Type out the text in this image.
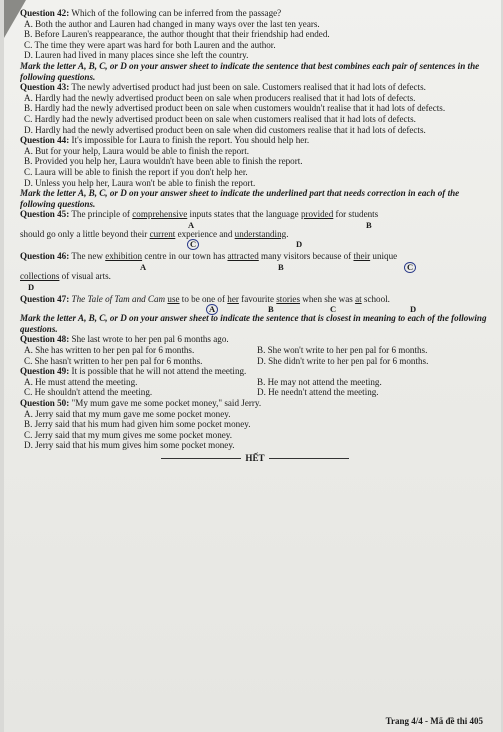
Question 42: Which of the following can be inferred from the passage?
A. Both the author and Lauren had changed in many ways over the last ten years.
B. Before Lauren's reappearance, the author thought that their friendship had ended.
C. The time they were apart was hard for both Lauren and the author.
D. Lauren had lived in many places since she left the country.
Mark the letter A, B, C, or D on your answer sheet to indicate the sentence that best combines each pair of sentences in the following questions.
Question 43: The newly advertised product had just been on sale. Customers realised that it had lots of defects.
A. Hardly had the newly advertised product been on sale when producers realised that it had lots of defects.
B. Hardly had the newly advertised product been on sale when customers wouldn't realise that it had lots of defects.
C. Hardly had the newly advertised product been on sale when customers realised that it had lots of defects.
D. Hardly had the newly advertised product been on sale when did customers realise that it had lots of defects.
Question 44: It's impossible for Laura to finish the report. You should help her.
A. But for your help, Laura would be able to finish the report.
B. Provided you help her, Laura wouldn't have been able to finish the report.
C. Laura will be able to finish the report if you don't help her.
D. Unless you help her, Laura won't be able to finish the report.
Mark the letter A, B, C, or D on your answer sheet to indicate the underlined part that needs correction in each of the following questions.
Question 45: The principle of comprehensive inputs states that the language provided for students
A	B
should go only a little beyond their current experience and understanding.
C	D
Question 46: The new exhibition centre in our town has attracted many visitors because of their unique
A	B	C
collections of visual arts.
D
Question 47: The Tale of Tam and Cam use to be one of her favourite stories when she was at school.
A	B	C	D
Mark the letter A, B, C, or D on your answer sheet to indicate the sentence that is closest in meaning to each of the following questions.
Question 48: She last wrote to her pen pal 6 months ago.
A. She has written to her pen pal for 6 months.	B. She won't write to her pen pal for 6 months.
C. She hasn't written to her pen pal for 6 months.	D. She didn't write to her pen pal for 6 months.
Question 49: It is possible that he will not attend the meeting.
A. He must attend the meeting.	B. He may not attend the meeting.
C. He shouldn't attend the meeting.	D. He needn't attend the meeting.
Question 50: "My mum gave me some pocket money," said Jerry.
A. Jerry said that my mum gave me some pocket money.
B. Jerry said that his mum had given him some pocket money.
C. Jerry said that my mum gives me some pocket money.
D. Jerry said that his mum gives him some pocket money.
HẾT
Trang 4/4 - Mã đề thi 405
